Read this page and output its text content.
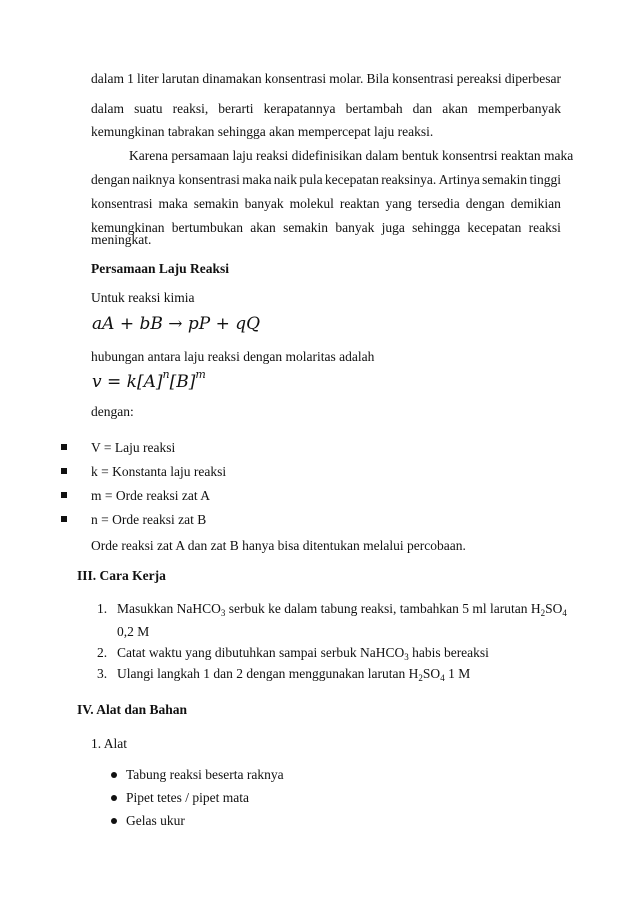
dalam 1 liter larutan dinamakan konsentrasi molar. Bila konsentrasi pereaksi diperbesar
dalam suatu reaksi, berarti kerapatannya bertambah dan akan memperbanyak
kemungkinan tabrakan sehingga akan mempercepat laju reaksi.
Karena persamaan laju reaksi didefinisikan dalam bentuk konsentrsi reaktan maka
dengan naiknya konsentrasi maka naik pula kecepatan reaksinya. Artinya semakin tinggi
konsentrasi maka semakin banyak molekul reaktan yang tersedia dengan demikian
kemungkinan bertumbukan akan semakin banyak juga sehingga kecepatan reaksi
meningkat.
Persamaan Laju Reaksi
Untuk reaksi kimia
aA + bB → pP + qQ
hubungan antara laju reaksi dengan molaritas adalah
$v = k[A]^n[B]^m$
dengan:
V = Laju reaksi
k = Konstanta laju reaksi
m = Orde reaksi zat A
n = Orde reaksi zat B
Orde reaksi zat A dan zat B hanya bisa ditentukan melalui percobaan.
III. Cara Kerja
1. Masukkan NaHCO$_3$ serbuk ke dalam tabung reaksi, tambahkan 5 ml larutan $H_2SO_4$
0,2 M
2. Catat waktu yang dibutuhkan sampai serbuk NaHCO$_3$ habis bereaksi
3. Ulangi langkah 1 dan 2 dengan menggunakan larutan $H_2SO_4$ 1 M
IV. Alat dan Bahan
1. Alat
Tabung reaksi beserta raknya
Pipet tetes / pipet mata
Gelas ukur
